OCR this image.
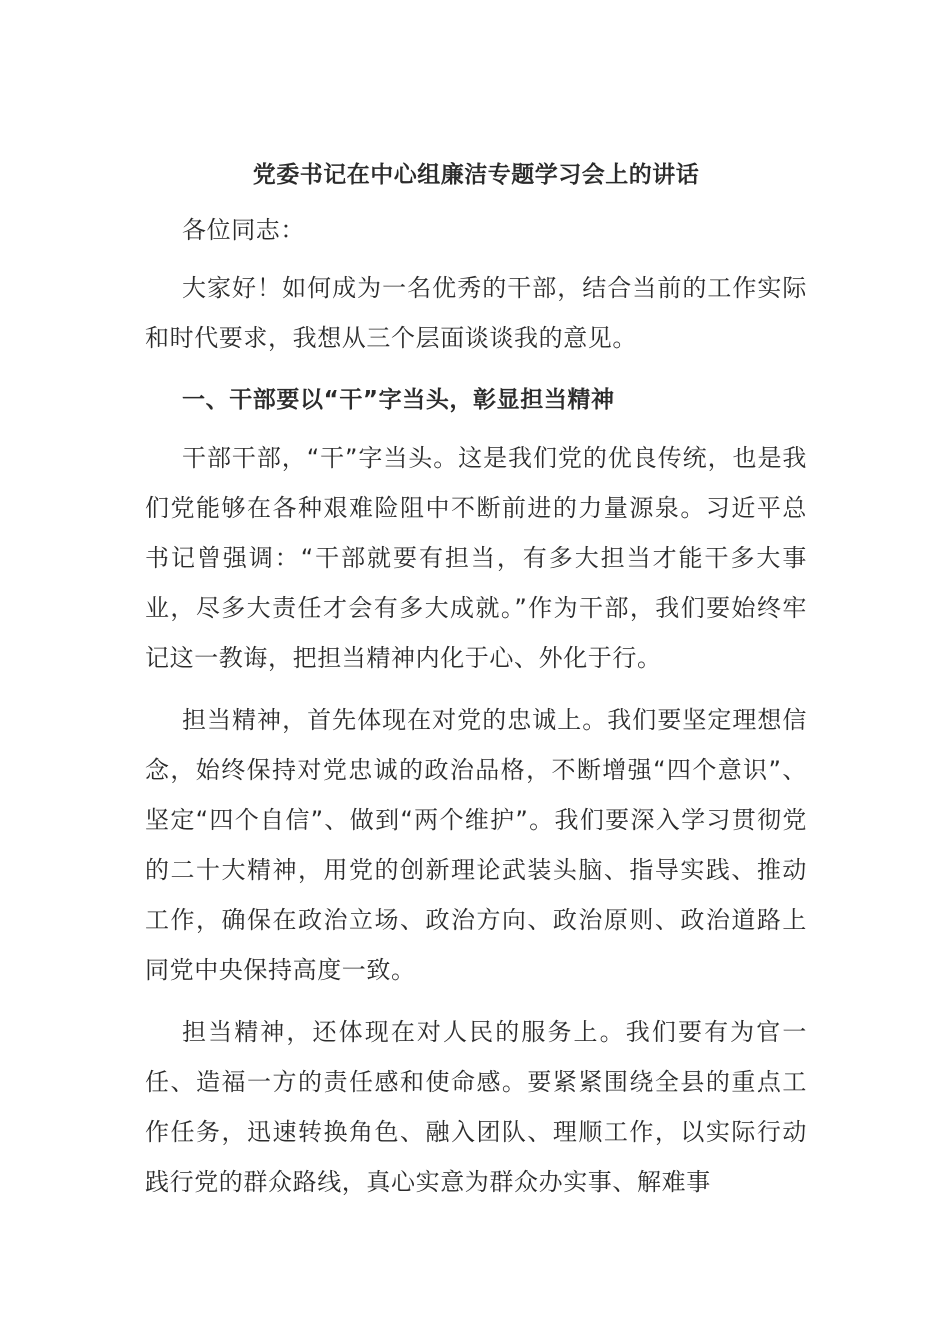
党委书记在中心组廉洁专题学习会上的讲话

各位同志：

大家好！如何成为一名优秀的干部，结合当前的工作实际和时代要求，我想从三个层面谈谈我的意见。

一、干部要以“干”字当头，彰显担当精神

干部干部，“干”字当头。这是我们党的优良传统，也是我们党能够在各种艰难险阻中不断前进的力量源泉。习近平总书记曾强调：“干部就要有担当，有多大担当才能干多大事业，尽多大责任才会有多大成就。”作为干部，我们要始终牢记这一教诲，把担当精神内化于心、外化于行。

担当精神，首先体现在对党的忠诚上。我们要坚定理想信念，始终保持对党忠诚的政治品格，不断增强“四个意识”、坚定“四个自信”、做到“两个维护”。我们要深入学习贯彻党的二十大精神，用党的创新理论武装头脑、指导实践、推动工作，确保在政治立场、政治方向、政治原则、政治道路上同党中央保持高度一致。

担当精神，还体现在对人民的服务上。我们要有为官一任、造福一方的责任感和使命感。要紧紧围绕全县的重点工作任务，迅速转换角色、融入团队、理顺工作，以实际行动践行党的群众路线，真心实意为群众办实事、解难事
